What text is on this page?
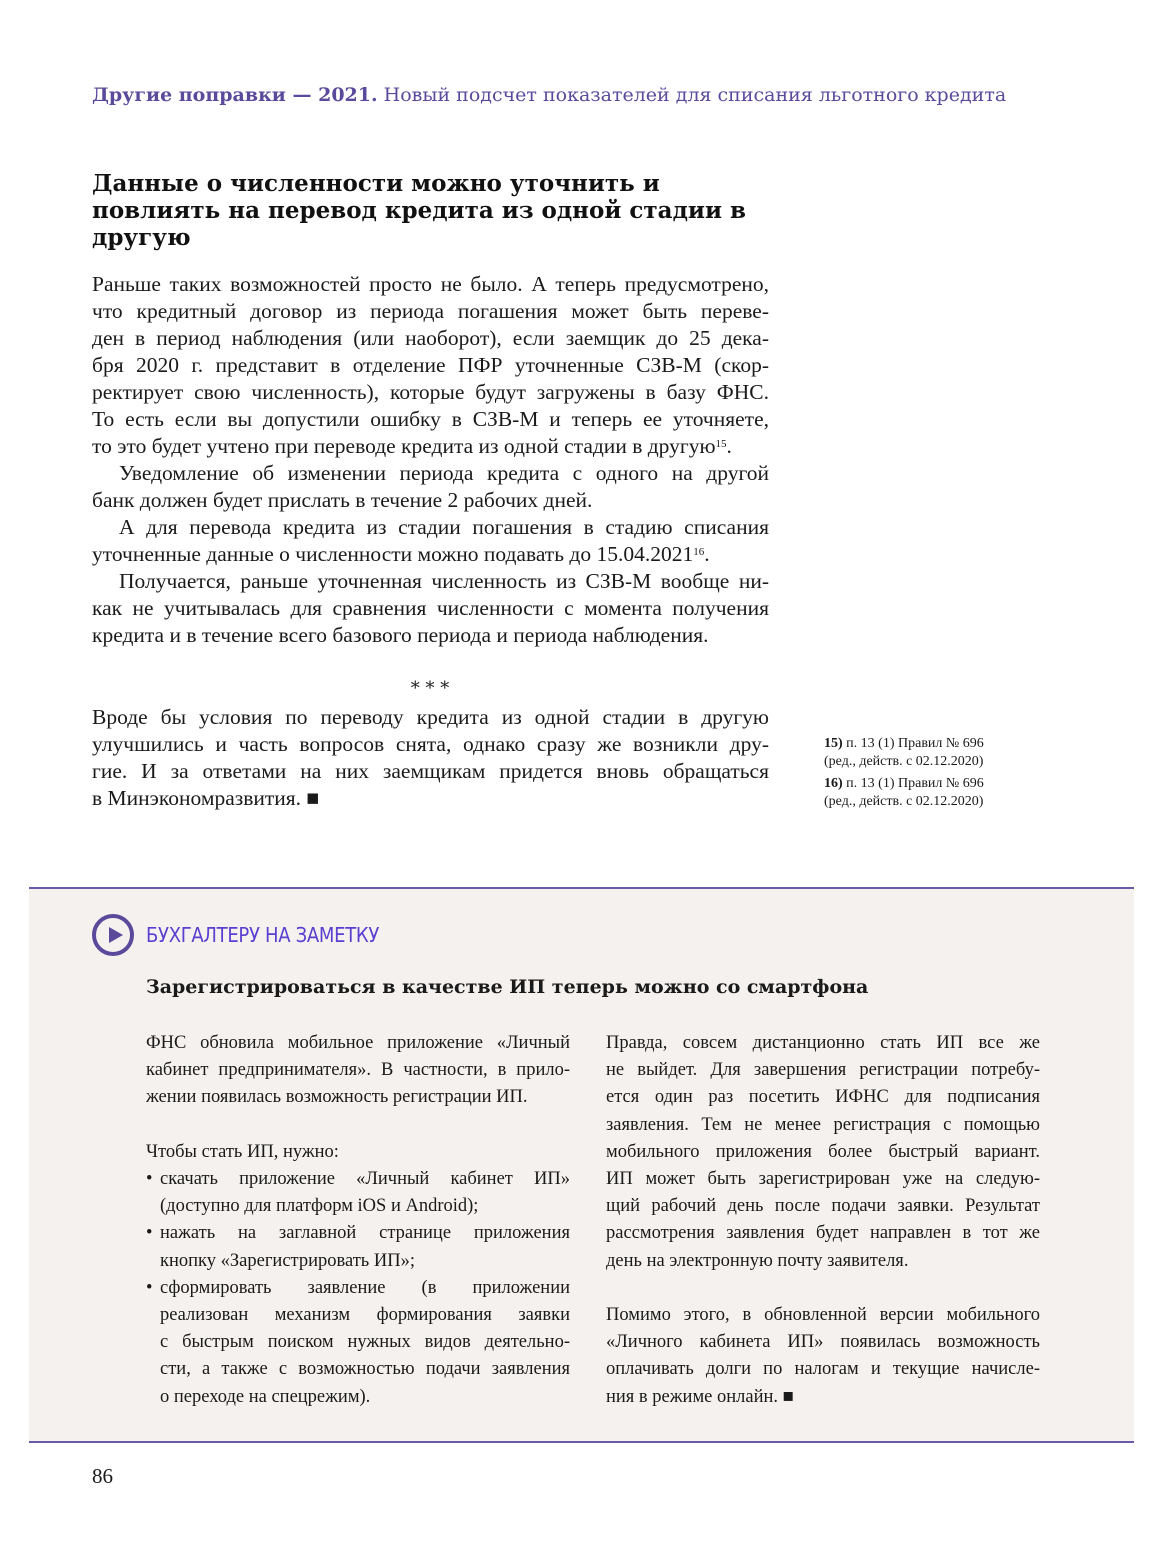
Другие поправки — 2021. Новый подсчет показателей для списания льготного кредита
Данные о численности можно уточнить и повлиять на перевод кредита из одной стадии в другую
Раньше таких возможностей просто не было. А теперь предусмотрено,
что кредитный договор из периода погашения может быть переве-
ден в период наблюдения (или наоборот), если заемщик до 25 дека-
бря 2020 г. представит в отделение ПФР уточненные СЗВ-М (скор-
ректирует свою численность), которые будут загружены в базу ФНС.
То есть если вы допустили ошибку в СЗВ-М и теперь ее уточняете,
то это будет учтено при переводе кредита из одной стадии в другую$^{15}$.
Уведомление об изменении периода кредита с одного на другой
банк должен будет прислать в течение 2 рабочих дней.
А для перевода кредита из стадии погашения в стадию списания
уточненные данные о численности можно подавать до 15.04.2021$^{16}$.
Получается, раньше уточненная численность из СЗВ-М вообще ни-
как не учитывалась для сравнения численности с момента получения
кредита и в течение всего базового периода и периода наблюдения.
* * *
Вроде бы условия по переводу кредита из одной стадии в другую
улучшились и часть вопросов снята, однако сразу же возникли дру-
гие. И за ответами на них заемщикам придется вновь обращаться
в Минэкономразвития. ■
15) п. 13 (1) Правил № 696
(ред., действ. с 02.12.2020)
16) п. 13 (1) Правил № 696
(ред., действ. с 02.12.2020)
БУХГАЛТЕРУ НА ЗАМЕТКУ
Зарегистрироваться в качестве ИП теперь можно со смартфона
ФНС обновила мобильное приложение «Личный
кабинет предпринимателя». В частности, в прило-
жении появилась возможность регистрации ИП.
Чтобы стать ИП, нужно:
• скачать приложение «Личный кабинет ИП»
(доступно для платформ iOS и Android);
• нажать на заглавной странице приложения
кнопку «Зарегистрировать ИП»;
• сформировать заявление (в приложении
реализован механизм формирования заявки
с быстрым поиском нужных видов деятельно-
сти, а также с возможностью подачи заявления
о переходе на спецрежим).
Правда, совсем дистанционно стать ИП все же
не выйдет. Для завершения регистрации потребу-
ется один раз посетить ИФНС для подписания
заявления. Тем не менее регистрация с помощью
мобильного приложения более быстрый вариант.
ИП может быть зарегистрирован уже на следую-
щий рабочий день после подачи заявки. Результат
рассмотрения заявления будет направлен в тот же
день на электронную почту заявителя.
Помимо этого, в обновленной версии мобильного
«Личного кабинета ИП» появилась возможность
оплачивать долги по налогам и текущие начисле-
ния в режиме онлайн. ■
86
